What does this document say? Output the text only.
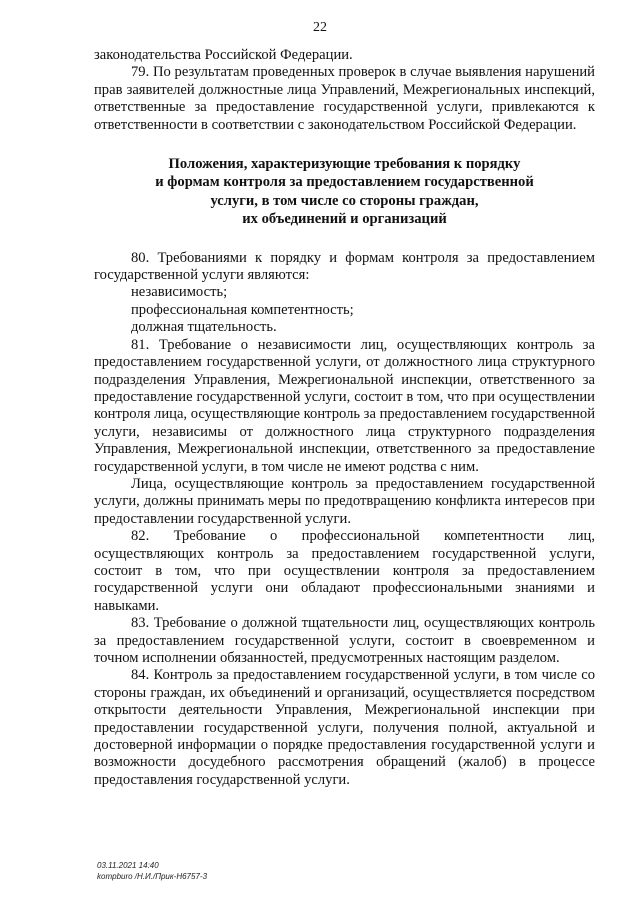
22

законодательства Российской Федерации.

79. По результатам проведенных проверок в случае выявления нарушений прав заявителей должностные лица Управлений, Межрегиональных инспекций, ответственные за предоставление государственной услуги, привлекаются к ответственности в соответствии с законодательством Российской Федерации.

Положения, характеризующие требования к порядку
и формам контроля за предоставлением государственной
услуги, в том числе со стороны граждан,
их объединений и организаций

80. Требованиями к порядку и формам контроля за предоставлением государственной услуги являются:

независимость;

профессиональная компетентность;

должная тщательность.

81. Требование о независимости лиц, осуществляющих контроль за предоставлением государственной услуги, от должностного лица структурного подразделения Управления, Межрегиональной инспекции, ответственного за предоставление государственной услуги, состоит в том, что при осуществлении контроля лица, осуществляющие контроль за предоставлением государственной услуги, независимы от должностного лица структурного подразделения Управления, Межрегиональной инспекции, ответственного за предоставление государственной услуги, в том числе не имеют родства с ним.

Лица, осуществляющие контроль за предоставлением государственной услуги, должны принимать меры по предотвращению конфликта интересов при предоставлении государственной услуги.

82. Требование о профессиональной компетентности лиц, осуществляющих контроль за предоставлением государственной услуги, состоит в том, что при осуществлении контроля за предоставлением государственной услуги они обладают профессиональными знаниями и навыками.

83. Требование о должной тщательности лиц, осуществляющих контроль за предоставлением государственной услуги, состоит в своевременном и точном исполнении обязанностей, предусмотренных настоящим разделом.

84. Контроль за предоставлением государственной услуги, в том числе со стороны граждан, их объединений и организаций, осуществляется посредством открытости деятельности Управления, Межрегиональной инспекции при предоставлении государственной услуги, получения полной, актуальной и достоверной информации о порядке предоставления государственной услуги и возможности досудебного рассмотрения обращений (жалоб) в процессе предоставления государственной услуги.

03.11.2021 14:40
kompburo /Н.И./Прик-Н6757-3
